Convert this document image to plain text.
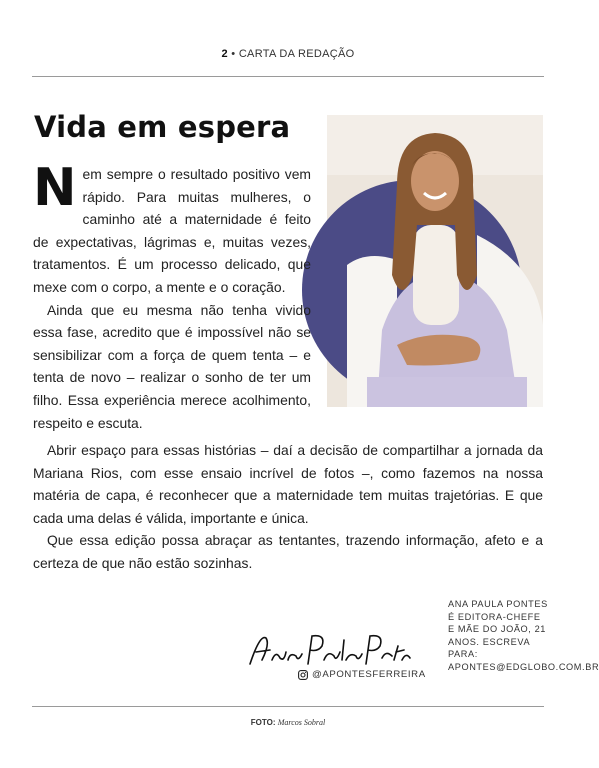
2 • CARTA DA REDAÇÃO
Vida em espera

Nem sempre o resultado positivo vem rápido. Para muitas mulheres, o caminho até a maternidade é feito de expectativas, lágrimas e, muitas vezes, tratamentos. É um processo delicado, que mexe com o corpo, a mente e o coração.

Ainda que eu mesma não tenha vivido essa fase, acredito que é impossível não se sensibilizar com a força de quem tenta – e tenta de novo – realizar o sonho de ter um filho. Essa experiência merece acolhimento, respeito e escuta.

Abrir espaço para essas histórias – daí a decisão de compartilhar a jornada da Mariana Rios, com esse ensaio incrível de fotos –, como fazemos na nossa matéria de capa, é reconhecer que a maternidade tem muitas trajetórias. E que cada uma delas é válida, importante e única.

Que essa edição possa abraçar as tentantes, trazendo informação, afeto e a certeza de que não estão sozinhas.

@APONTESFERREIRA
ANA PAULA PONTES É EDITORA-CHEFE E MÃE DO JOÃO, 21 ANOS. ESCREVA PARA: APONTES@EDGLOBO.COM.BR
FOTO: Marcos Sobral
